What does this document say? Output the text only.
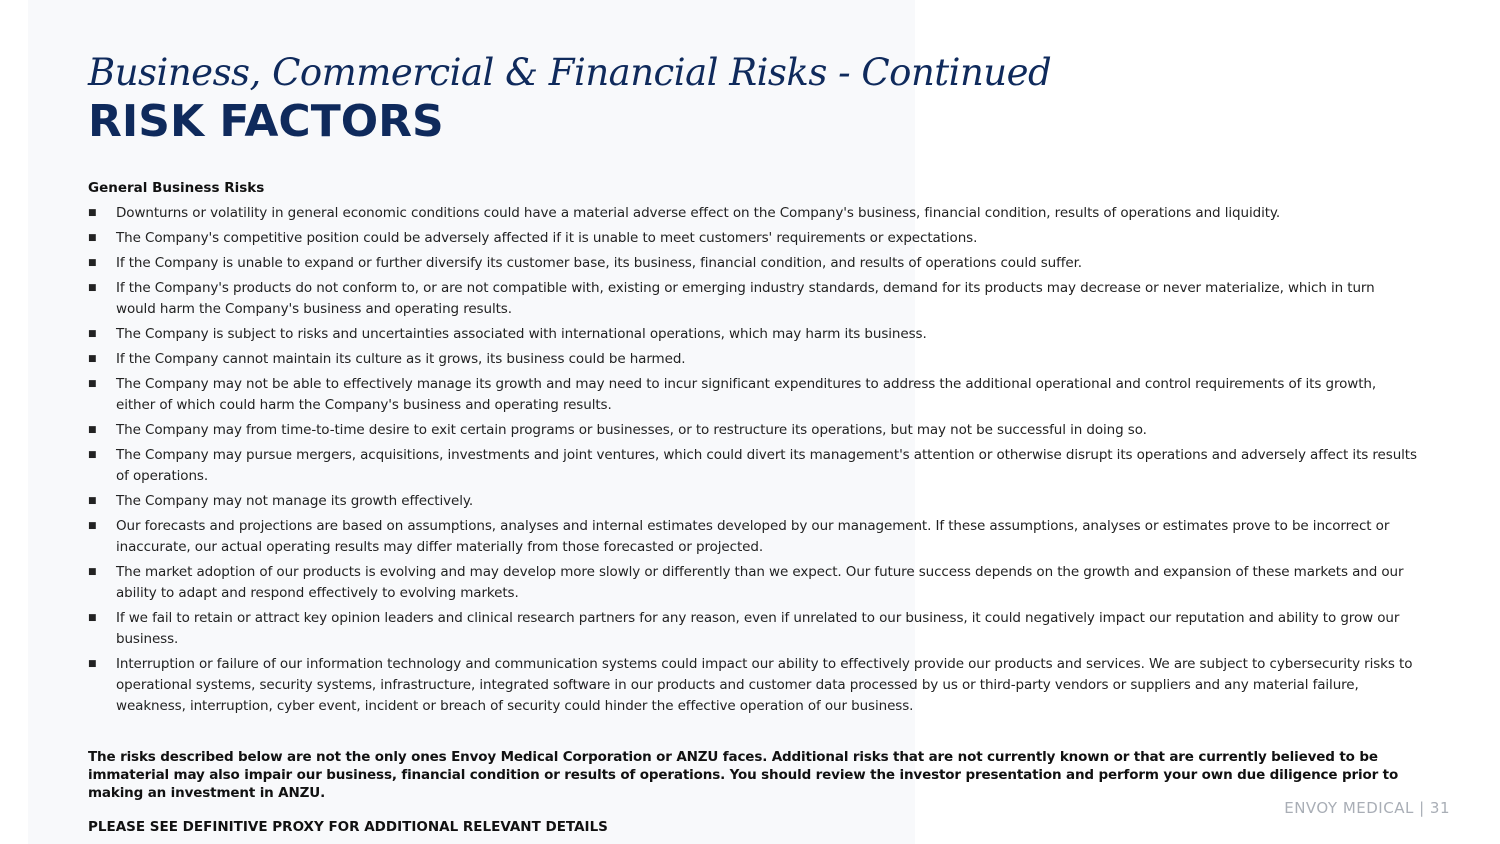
Business, Commercial & Financial Risks - Continued
RISK FACTORS
General Business Risks
■	Downturns or volatility in general economic conditions could have a material adverse effect on the Company's business, financial condition, results of operations and liquidity.
■	The Company's competitive position could be adversely affected if it is unable to meet customers' requirements or expectations.
■	If the Company is unable to expand or further diversify its customer base, its business, financial condition, and results of operations could suffer.
■	If the Company's products do not conform to, or are not compatible with, existing or emerging industry standards, demand for its products may decrease or never materialize, which in turn would harm the Company's business and operating results.
■	The Company is subject to risks and uncertainties associated with international operations, which may harm its business.
■	If the Company cannot maintain its culture as it grows, its business could be harmed.
■	The Company may not be able to effectively manage its growth and may need to incur significant expenditures to address the additional operational and control requirements of its growth, either of which could harm the Company's business and operating results.
■	The Company may from time-to-time desire to exit certain programs or businesses, or to restructure its operations, but may not be successful in doing so.
■	The Company may pursue mergers, acquisitions, investments and joint ventures, which could divert its management's attention or otherwise disrupt its operations and adversely affect its results of operations.
■	The Company may not manage its growth effectively.
■	Our forecasts and projections are based on assumptions, analyses and internal estimates developed by our management. If these assumptions, analyses or estimates prove to be incorrect or inaccurate, our actual operating results may differ materially from those forecasted or projected.
■	The market adoption of our products is evolving and may develop more slowly or differently than we expect. Our future success depends on the growth and expansion of these markets and our ability to adapt and respond effectively to evolving markets.
■	If we fail to retain or attract key opinion leaders and clinical research partners for any reason, even if unrelated to our business, it could negatively impact our reputation and ability to grow our business.
■	Interruption or failure of our information technology and communication systems could impact our ability to effectively provide our products and services. We are subject to cybersecurity risks to operational systems, security systems, infrastructure, integrated software in our products and customer data processed by us or third-party vendors or suppliers and any material failure, weakness, interruption, cyber event, incident or breach of security could hinder the effective operation of our business.
The risks described below are not the only ones Envoy Medical Corporation or ANZU faces. Additional risks that are not currently known or that are currently believed to be immaterial may also impair our business, financial condition or results of operations. You should review the investor presentation and perform your own due diligence prior to making an investment in ANZU.
PLEASE SEE DEFINITIVE PROXY FOR ADDITIONAL RELEVANT DETAILS
ENVOY MEDICAL | 31
